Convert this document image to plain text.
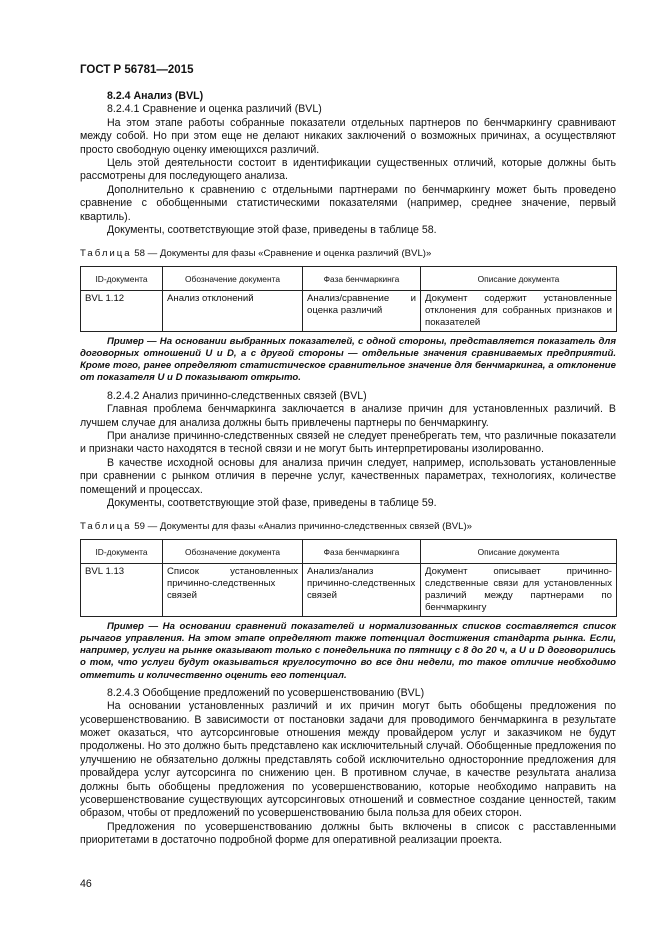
ГОСТ Р 56781—2015

8.2.4 Анализ (BVL)

8.2.4.1 Сравнение и оценка различий (BVL)

На этом этапе работы собранные показатели отдельных партнеров по бенчмаркингу сравнивают между собой. Но при этом еще не делают никаких заключений о возможных причинах, а осуществляют просто свободную оценку имеющихся различий.

Цель этой деятельности состоит в идентификации существенных отличий, которые должны быть рассмотрены для последующего анализа.

Дополнительно к сравнению с отдельными партнерами по бенчмаркингу может быть проведено сравнение с обобщенными статистическими показателями (например, среднее значение, первый квартиль).

Документы, соответствующие этой фазе, приведены в таблице 58.

Таблица 58 — Документы для фазы «Сравнение и оценка различий (BVL)»

ID-документа	Обозначение документа	Фаза бенчмаркинга	Описание документа
BVL 1.12	Анализ отклонений	Анализ/сравнение и оценка различий	Документ содержит установленные отклонения для собранных признаков и показателей

Пример — На основании выбранных показателей, с одной стороны, представляется показатель для договорных отношений U и D, а с другой стороны — отдельные значения сравниваемых предприятий. Кроме того, ранее определяют статистическое сравнительное значение для бенчмаркинга, а отклонение от показателя U и D показывают открыто.

8.2.4.2 Анализ причинно-следственных связей (BVL)

Главная проблема бенчмаркинга заключается в анализе причин для установленных различий. В лучшем случае для анализа должны быть привлечены партнеры по бенчмаркингу.

При анализе причинно-следственных связей не следует пренебрегать тем, что различные показатели и признаки часто находятся в тесной связи и не могут быть интерпретированы изолированно.

В качестве исходной основы для анализа причин следует, например, использовать установленные при сравнении с рынком отличия в перечне услуг, качественных параметрах, технологиях, количестве помещений и процессах.

Документы, соответствующие этой фазе, приведены в таблице 59.

Таблица 59 — Документы для фазы «Анализ причинно-следственных связей (BVL)»

ID-документа	Обозначение документа	Фаза бенчмаркинга	Описание документа
BVL 1.13	Список установленных причинно-следственных связей	Анализ/анализ причинно-следственных связей	Документ описывает причинно-следственные связи для установленных различий между партнерами по бенчмаркингу

Пример — На основании сравнений показателей и нормализованных списков составляется список рычагов управления. На этом этапе определяют также потенциал достижения стандарта рынка. Если, например, услуги на рынке оказывают только с понедельника по пятницу с 8 до 20 ч, а U и D договорились о том, что услуги будут оказываться круглосуточно во все дни недели, то такое отличие необходимо отметить и количественно оценить его потенциал.

8.2.4.3 Обобщение предложений по усовершенствованию (BVL)

На основании установленных различий и их причин могут быть обобщены предложения по усовершенствованию. В зависимости от постановки задачи для проводимого бенчмаркинга в результате может оказаться, что аутсорсинговые отношения между провайдером услуг и заказчиком не будут продолжены. Но это должно быть представлено как исключительный случай. Обобщенные предложения по улучшению не обязательно должны представлять собой исключительно односторонние предложения для провайдера услуг аутсорсинга по снижению цен. В противном случае, в качестве результата анализа должны быть обобщены предложения по усовершенствованию, которые необходимо направить на усовершенствование существующих аутсорсинговых отношений и совместное создание ценностей, таким образом, чтобы от предложений по усовершенствованию была польза для обеих сторон.

Предложения по усовершенствованию должны быть включены в список с расставленными приоритетами в достаточно подробной форме для оперативной реализации проекта.

46
